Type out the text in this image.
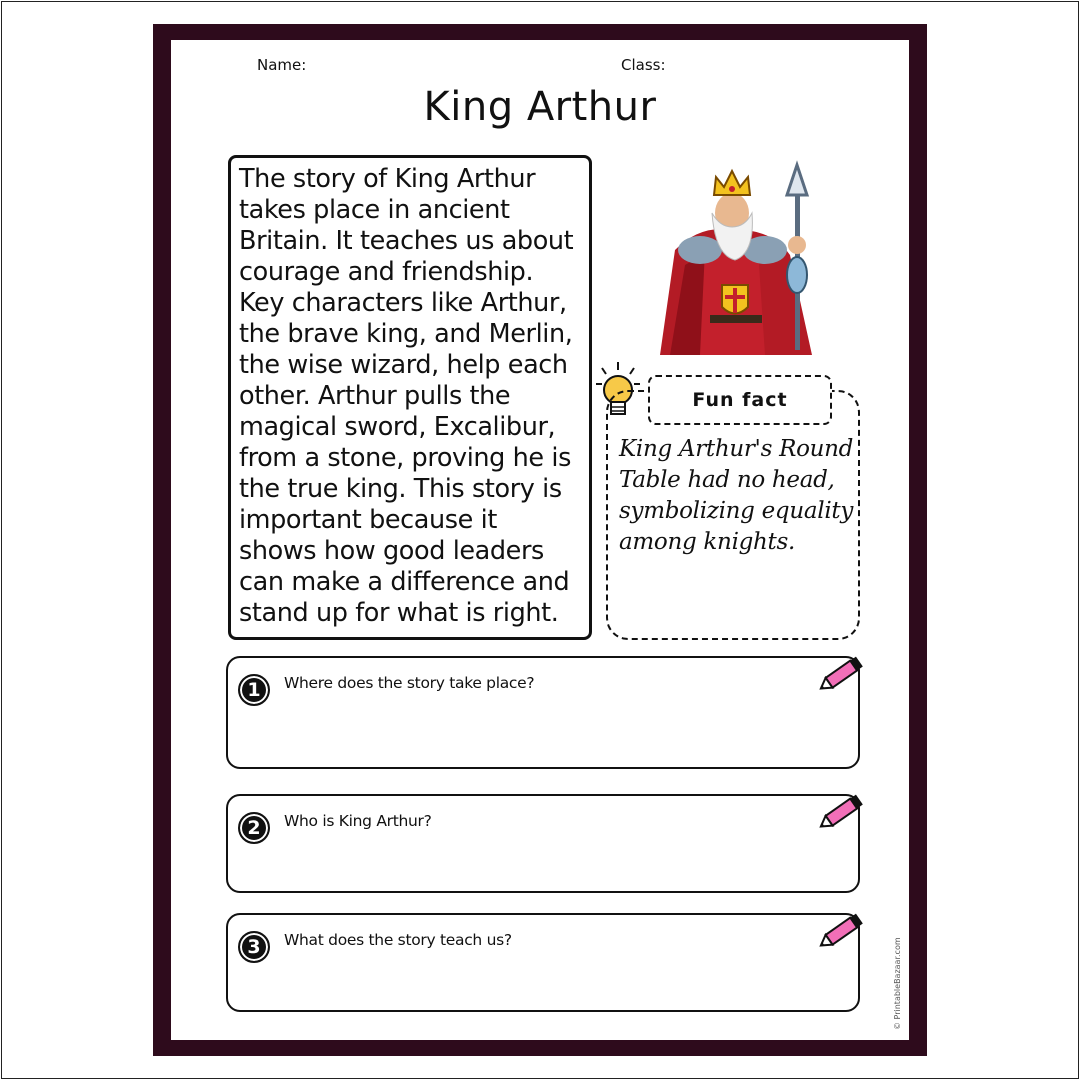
Name:	Class:
King Arthur
The story of King Arthur takes place in ancient Britain. It teaches us about courage and friendship. Key characters like Arthur, the brave king, and Merlin, the wise wizard, help each other. Arthur pulls the magical sword, Excalibur, from a stone, proving he is the true king. This story is important because it shows how good leaders can make a difference and stand up for what is right.
Fun fact
King Arthur's Round Table had no head, symbolizing equality among knights.
1	Where does the story take place?
2	Who is King Arthur?
3	What does the story teach us?	© PrintableBazaar.com
